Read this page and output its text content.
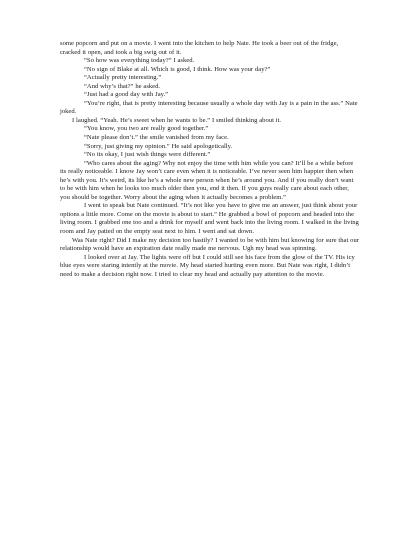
some popcorn and put on a movie. I went into the kitchen to help Nate. He took a beer out of the fridge, cracked it open, and took a big swig out of it.

“So how was everything today?” I asked.

“No sign of Blake at all. Which is good, I think. How was your day?”

“Actually pretty interesting.”

“And why’s that?” he asked.

“Just had a good day with Jay.”

“You’re right, that is pretty interesting because usually a whole day with Jay is a pain in the ass.” Nate joked.

I laughed. “Yeah. He’s sweet when he wants to be.” I smiled thinking about it.

“You know, you two are really good together.”

“Nate please don’t.” the smile vanished from my face.

“Sorry, just giving my opinion.” He said apologetically.

“No its okay, I just wish things were different.”

“Who cares about the aging? Why not enjoy the time with him while you can? It’ll be a while before its really noticeable. I know Jay won’t care even when it is noticeable. I’ve never seen him happier then when he’s with you. It’s weird, its like he’s a whole new person when he’s around you. And if you really don’t want to be with him when he looks too much older then you, end it then. If you guys really care about each other, you should be together. Worry about the aging when it actually becomes a problem.”

I went to speak but Nate continued. “It’s not like you have to give me an answer, just think about your options a little more. Come on the movie is about to start.” He grabbed a bowl of popcorn and headed into the living room. I grabbed one too and a drink for myself and went back into the living room. I walked in the living room and Jay patted on the empty seat next to him. I went and sat down.

Was Nate right? Did I make my decision too hastily? I wanted to be with him but knowing for sure that our relationship would have an expiration date really made me nervous. Ugh my head was spinning.

I looked over at Jay. The lights were off but I could still see his face from the glow of the TV. His icy blue eyes were staring intently at the movie. My head started hurting even more. But Nate was right, I didn’t need to make a decision right now. I tried to clear my head and actually pay attention to the movie.
